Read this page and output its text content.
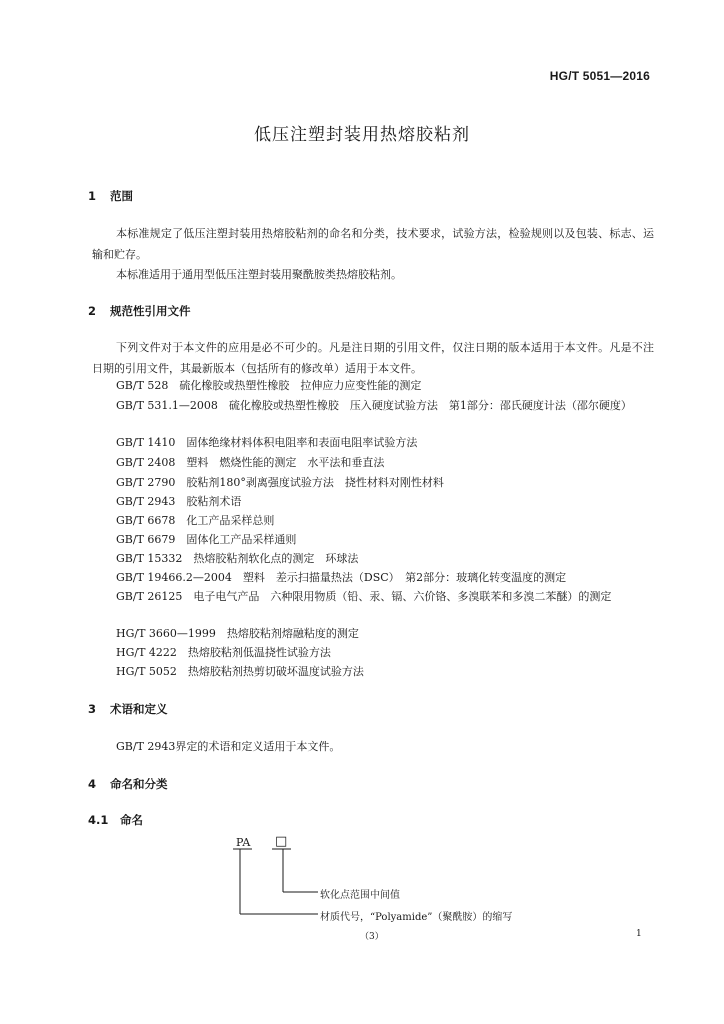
HG/T 5051—2016
低压注塑封装用热熔胶粘剂
1 范围
本标准规定了低压注塑封装用热熔胶粘剂的命名和分类，技术要求，试验方法，检验规则以及包装、标志、运输和贮存。
本标准适用于通用型低压注塑封装用聚酰胺类热熔胶粘剂。
2 规范性引用文件
下列文件对于本文件的应用是必不可少的。凡是注日期的引用文件，仅注日期的版本适用于本文件。凡是不注日期的引用文件，其最新版本（包括所有的修改单）适用于本文件。
GB/T 528　硫化橡胶或热塑性橡胶　拉伸应力应变性能的测定
GB/T 531.1—2008　硫化橡胶或热塑性橡胶　压入硬度试验方法　第1部分：邵氏硬度计法（邵尔硬度）
GB/T 1410　固体绝缘材料体积电阻率和表面电阻率试验方法
GB/T 2408　塑料　燃烧性能的测定　水平法和垂直法
GB/T 2790　胶粘剂180°剥离强度试验方法　挠性材料对刚性材料
GB/T 2943　胶粘剂术语
GB/T 6678　化工产品采样总则
GB/T 6679　固体化工产品采样通则
GB/T 15332　热熔胶粘剂软化点的测定　环球法
GB/T 19466.2—2004　塑料　差示扫描量热法（DSC）　第2部分：玻璃化转变温度的测定
GB/T 26125　电子电气产品　六种限用物质（铅、汞、镉、六价铬、多溴联苯和多溴二苯醚）的测定
HG/T 3660—1999　热熔胶粘剂熔融粘度的测定
HG/T 4222　热熔胶粘剂低温挠性试验方法
HG/T 5052　热熔胶粘剂热剪切破坏温度试验方法
3 术语和定义
GB/T 2943界定的术语和定义适用于本文件。
4 命名和分类
4.1 命名
PA □
软化点范围中间值
材质代号，“Polyamide”（聚酰胺）的缩写
（3）	1
